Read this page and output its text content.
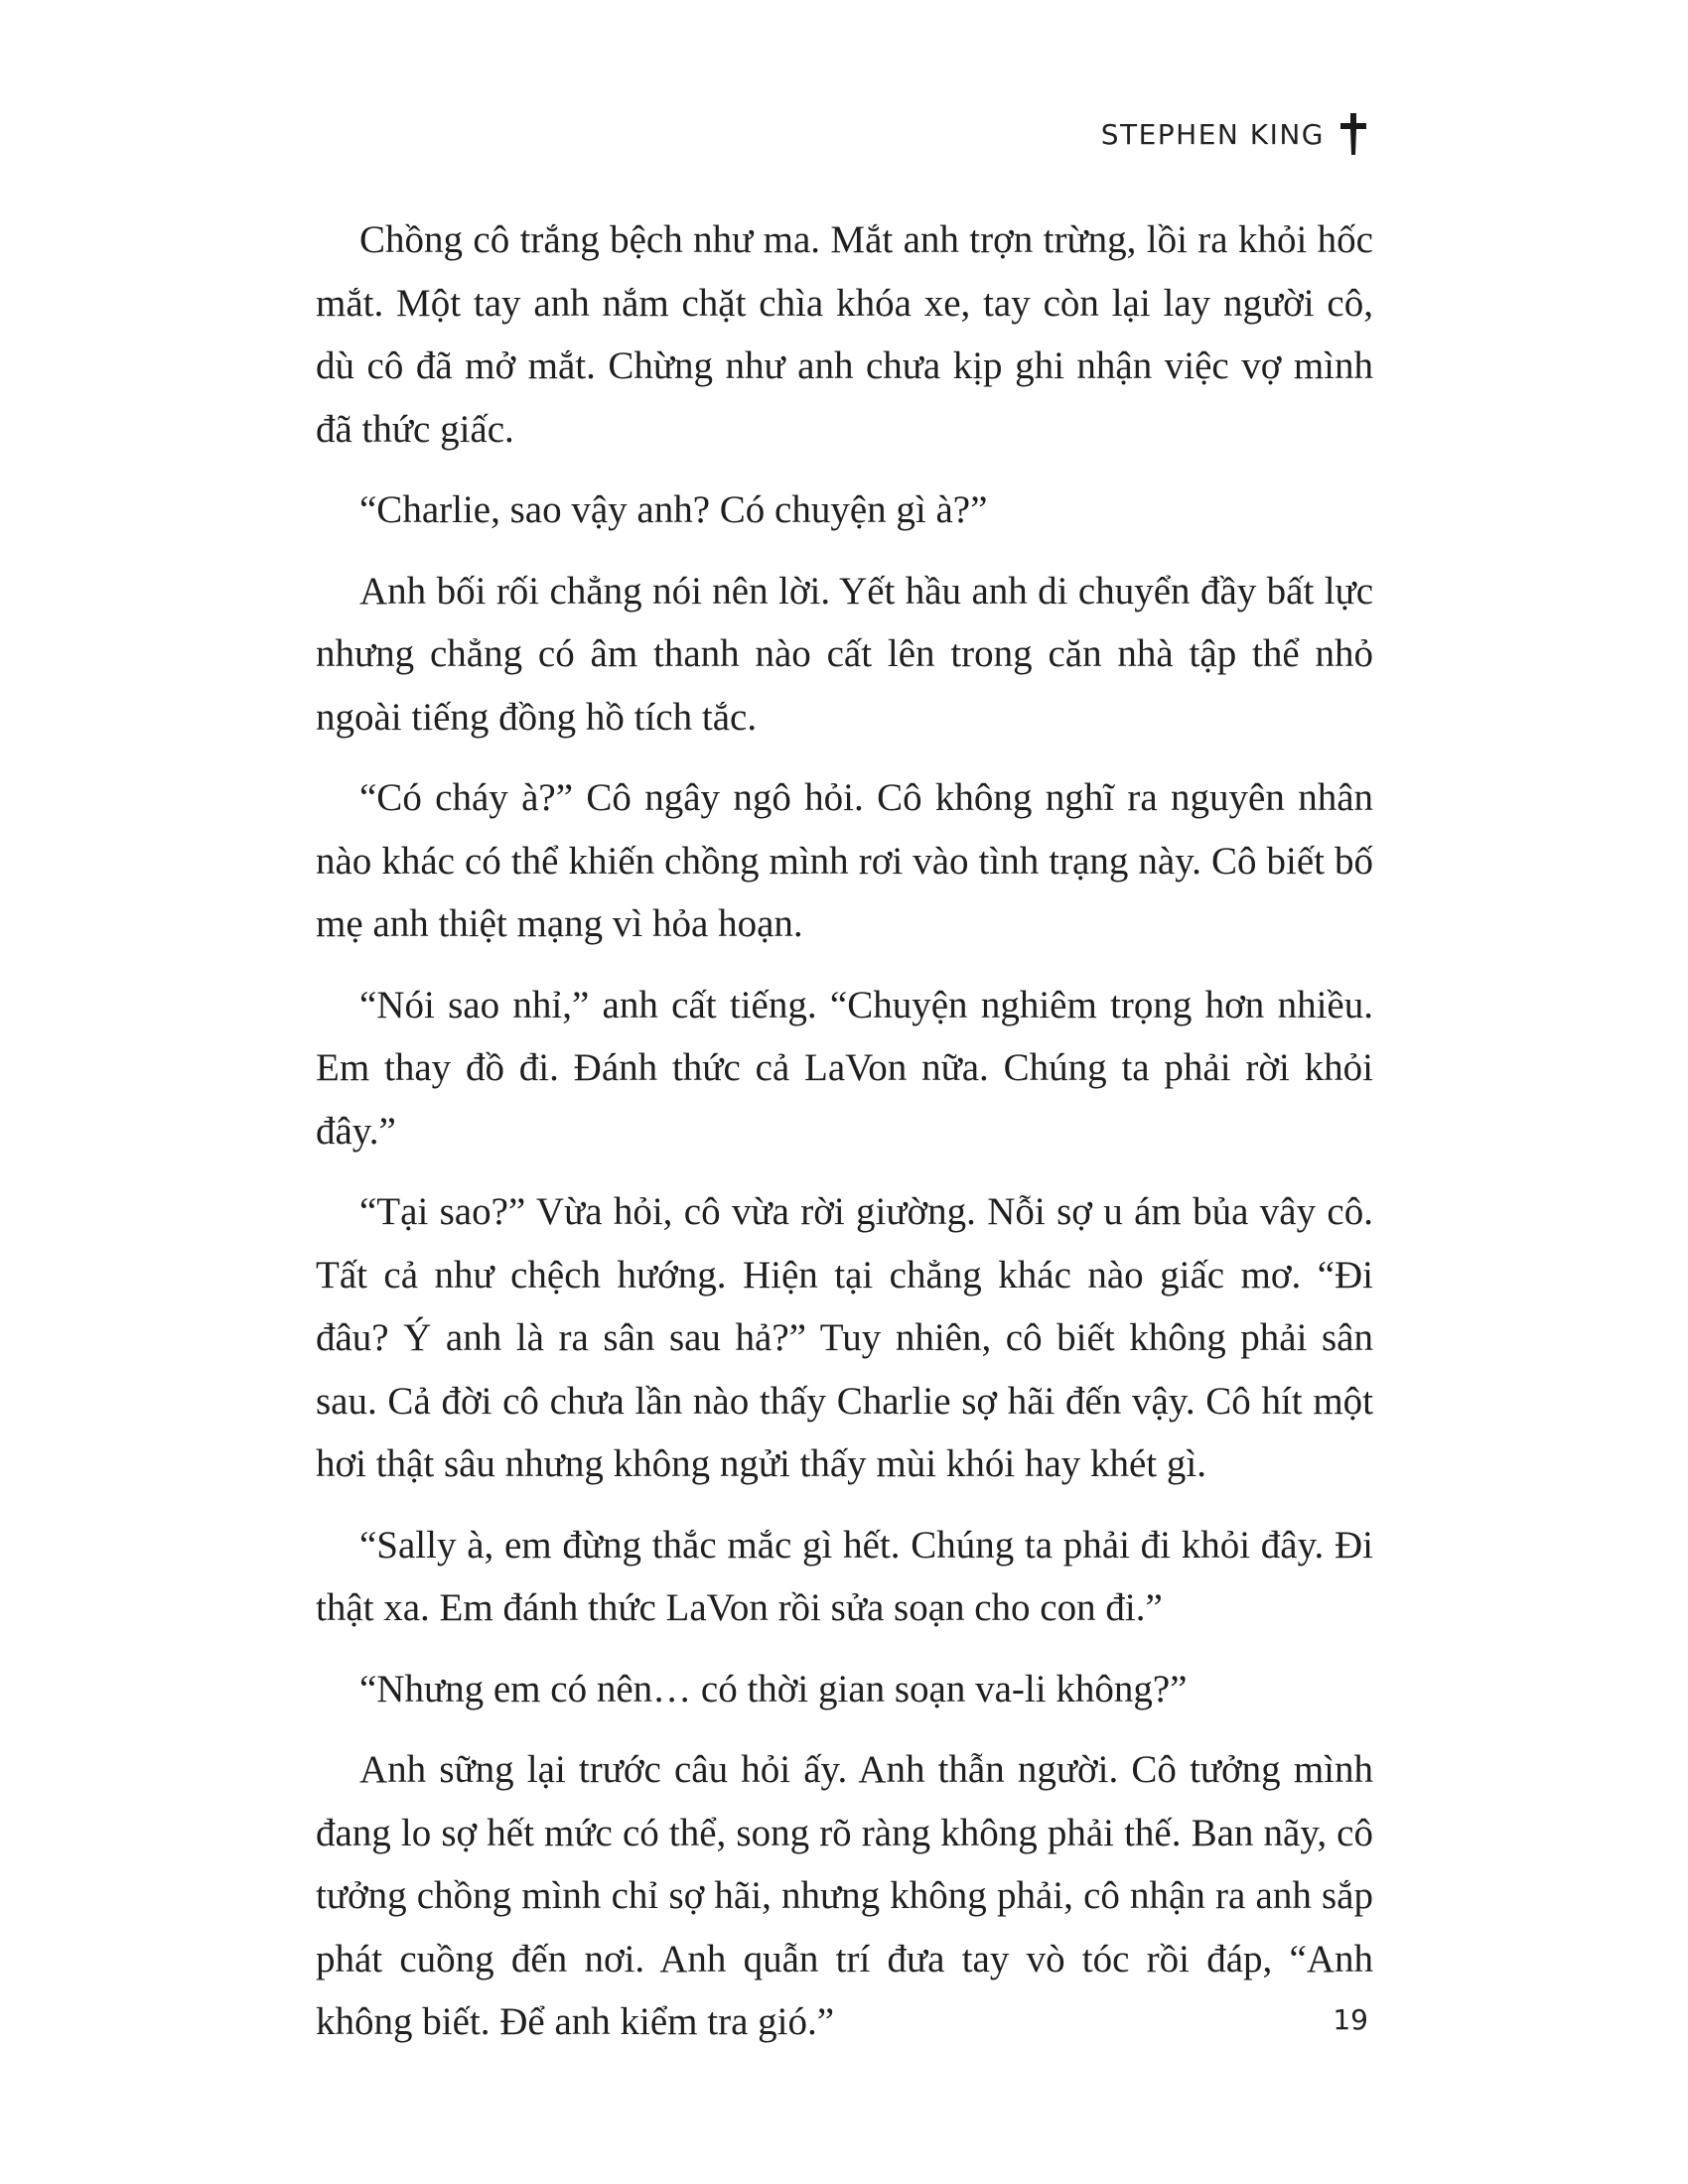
STEPHEN KING

Chồng cô trắng bệch như ma. Mắt anh trợn trừng, lồi ra khỏi hốc mắt. Một tay anh nắm chặt chìa khóa xe, tay còn lại lay người cô, dù cô đã mở mắt. Chừng như anh chưa kịp ghi nhận việc vợ mình đã thức giấc.

“Charlie, sao vậy anh? Có chuyện gì à?”

Anh bối rối chẳng nói nên lời. Yết hầu anh di chuyển đầy bất lực nhưng chẳng có âm thanh nào cất lên trong căn nhà tập thể nhỏ ngoài tiếng đồng hồ tích tắc.

“Có cháy à?” Cô ngây ngô hỏi. Cô không nghĩ ra nguyên nhân nào khác có thể khiến chồng mình rơi vào tình trạng này. Cô biết bố mẹ anh thiệt mạng vì hỏa hoạn.

“Nói sao nhỉ,” anh cất tiếng. “Chuyện nghiêm trọng hơn nhiều. Em thay đồ đi. Đánh thức cả LaVon nữa. Chúng ta phải rời khỏi đây.”

“Tại sao?” Vừa hỏi, cô vừa rời giường. Nỗi sợ u ám bủa vây cô. Tất cả như chệch hướng. Hiện tại chẳng khác nào giấc mơ. “Đi đâu? Ý anh là ra sân sau hả?” Tuy nhiên, cô biết không phải sân sau. Cả đời cô chưa lần nào thấy Charlie sợ hãi đến vậy. Cô hít một hơi thật sâu nhưng không ngửi thấy mùi khói hay khét gì.

“Sally à, em đừng thắc mắc gì hết. Chúng ta phải đi khỏi đây. Đi thật xa. Em đánh thức LaVon rồi sửa soạn cho con đi.”

“Nhưng em có nên… có thời gian soạn va-li không?”

Anh sững lại trước câu hỏi ấy. Anh thẫn người. Cô tưởng mình đang lo sợ hết mức có thể, song rõ ràng không phải thế. Ban nãy, cô tưởng chồng mình chỉ sợ hãi, nhưng không phải, cô nhận ra anh sắp phát cuồng đến nơi. Anh quẫn trí đưa tay vò tóc rồi đáp, “Anh không biết. Để anh kiểm tra gió.”	19
